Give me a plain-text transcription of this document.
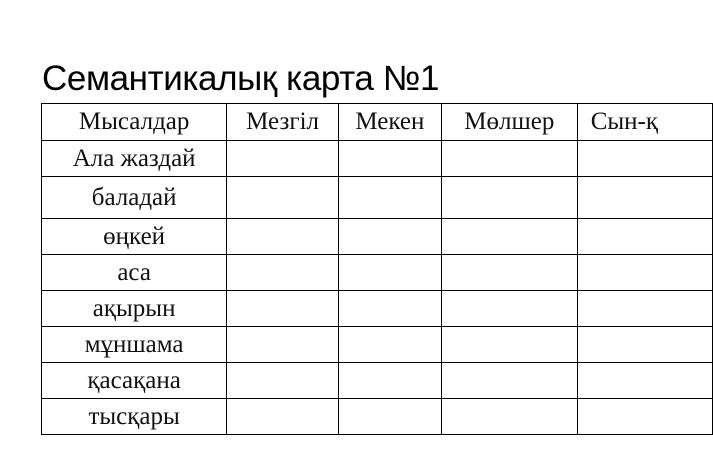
Семантикалық карта №1
Мысалдар	Мезгіл	Мекен	Мөлшер	Сын-қ
Ала жаздай				
баладай				
өңкей				
аса				
ақырын				
мұншама				
қасақана				
тысқары				
